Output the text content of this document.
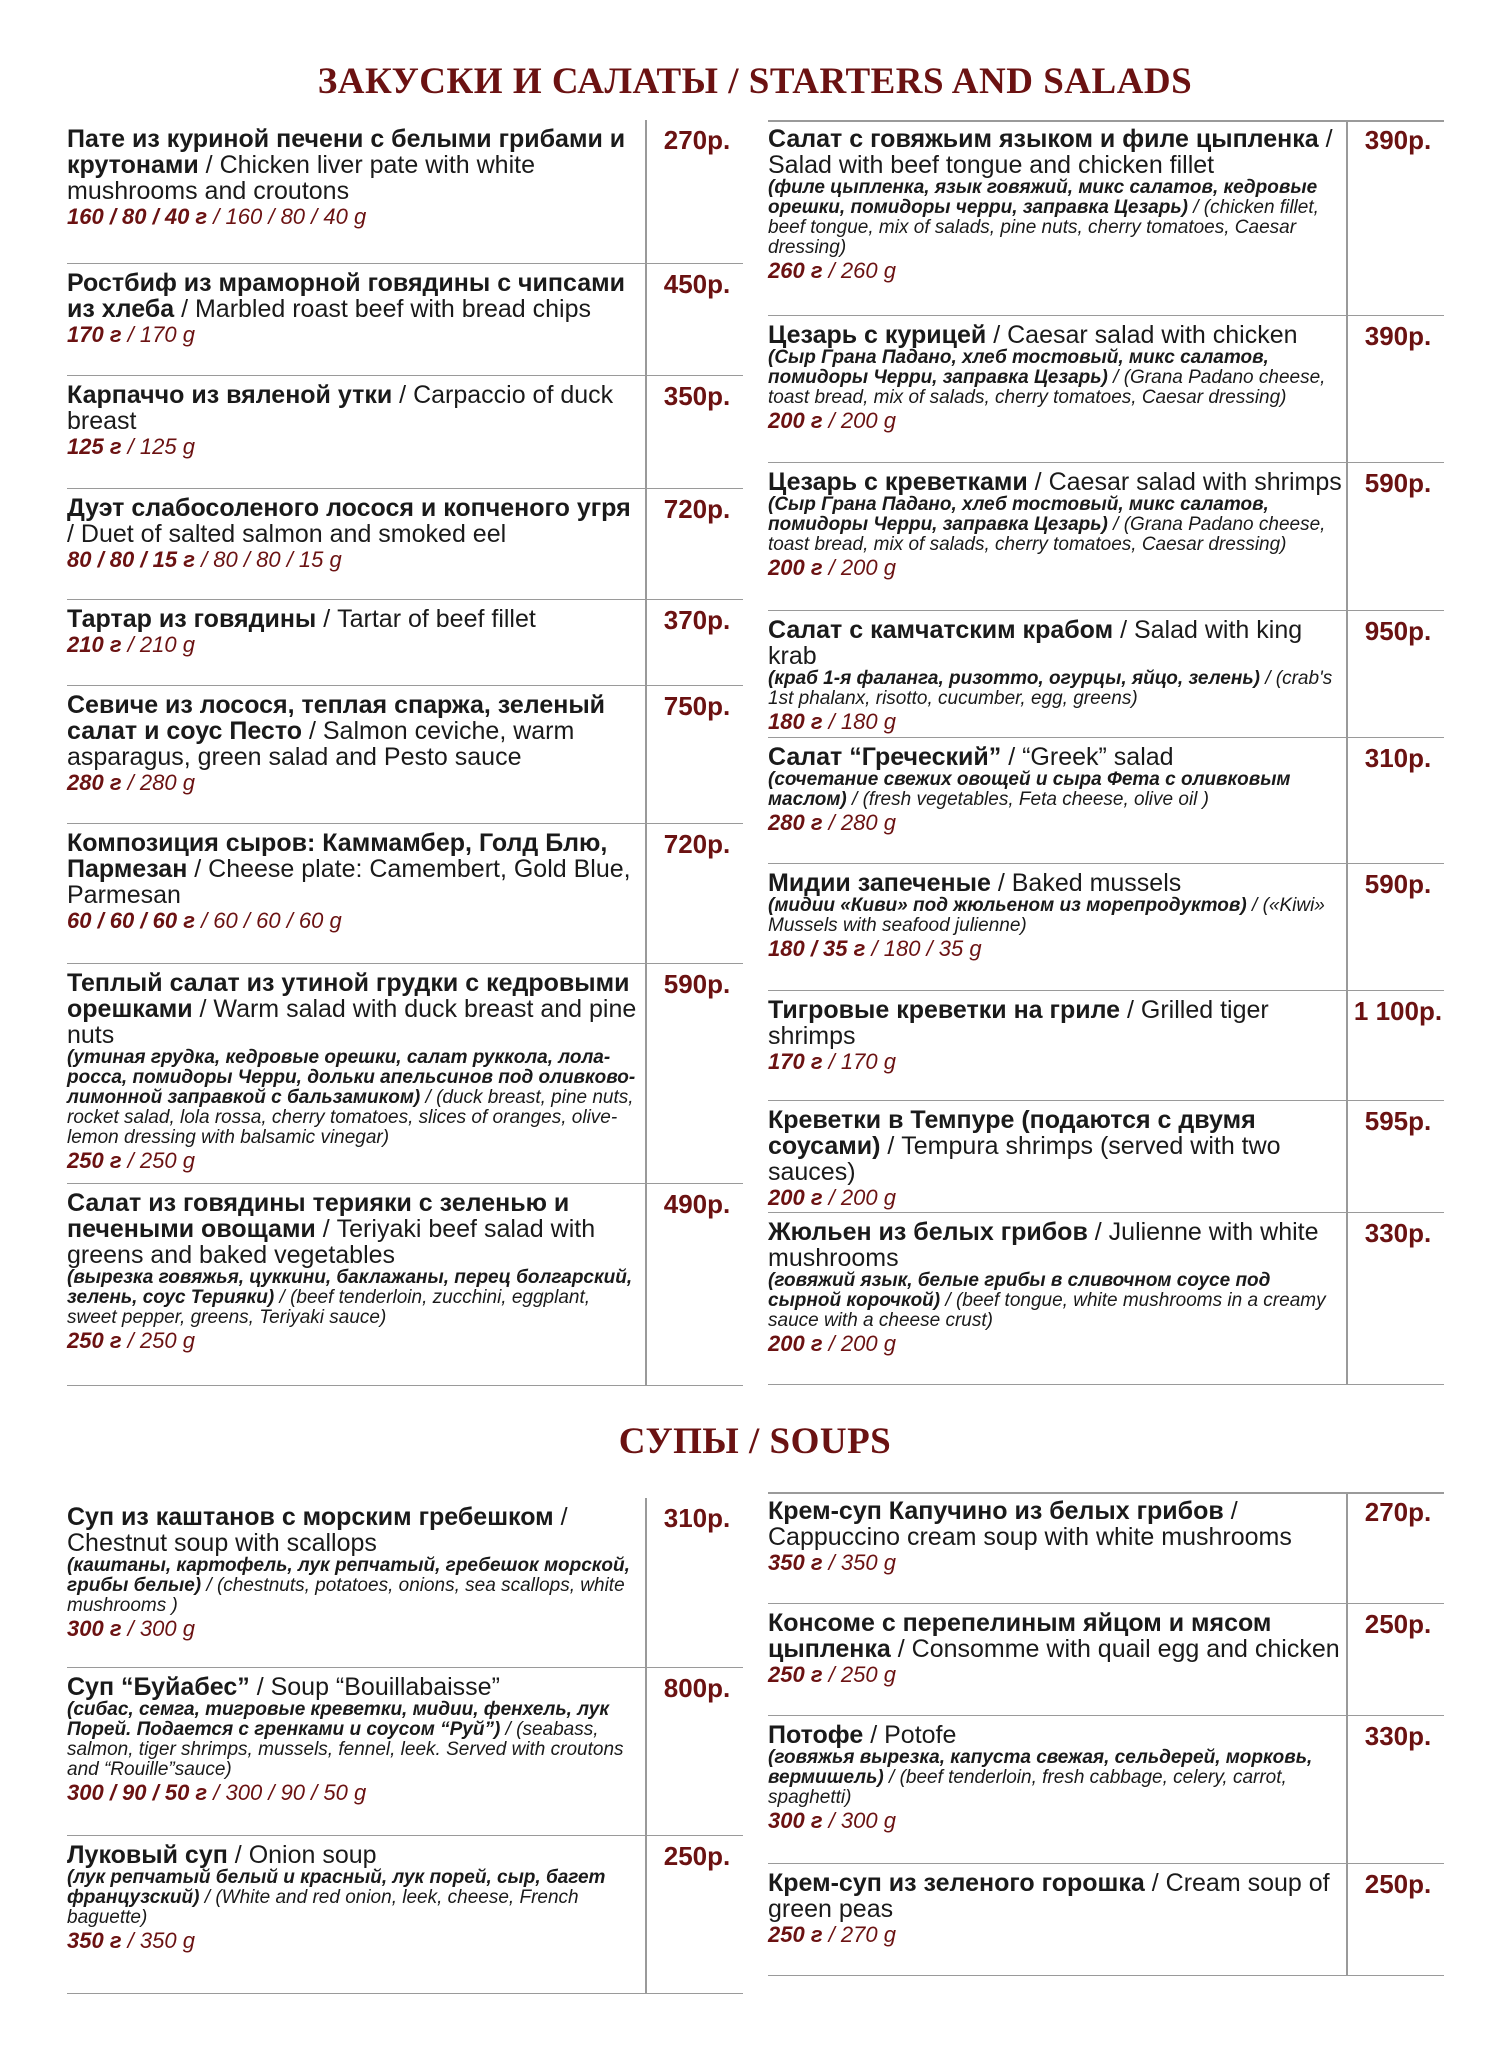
ЗАКУСКИ И САЛАТЫ / STARTERS AND SALADS
Пате из куриной печени с белыми грибами и крутонами / Chicken liver pate with white mushrooms and croutons
160 / 80 / 40 г / 160 / 80 / 40 g
270р.
Ростбиф из мраморной говядины с чипсами из хлеба / Marbled roast beef with bread chips
170 г / 170 g
450р.
Карпаччо из вяленой утки / Carpaccio of duck breast
125 г / 125 g
350р.
Дуэт слабосоленого лосося и копченого угря / Duet of salted salmon and smoked eel
80 / 80 / 15 г / 80 / 80 / 15 g
720р.
Тартар из говядины / Tartar of beef fillet
210 г / 210 g
370р.
Севиче из лосося, теплая спаржа, зеленый салат и соус Песто / Salmon ceviche, warm asparagus, green salad and Pesto sauce
280 г / 280 g
750р.
Композиция сыров: Каммамбер, Голд Блю, Пармезан / Cheese plate: Camembert, Gold Blue, Parmesan
60 / 60 / 60 г / 60 / 60 / 60 g
720р.
Теплый салат из утиной грудки с кедровыми орешками / Warm salad with duck breast and pine nuts
(утиная грудка, кедровые орешки, салат руккола, лола-росса, помидоры Черри, дольки апельсинов под оливково-лимонной заправкой с бальзамиком) / (duck breast, pine nuts, rocket salad, lola rossa, cherry tomatoes, slices of oranges, olive-lemon dressing with balsamic vinegar)
250 г / 250 g
590р.
Салат из говядины терияки с зеленью и печеными овощами / Teriyaki beef salad with greens and baked vegetables
(вырезка говяжья, цуккини, баклажаны, перец болгарский, зелень, соус Терияки) / (beef tenderloin, zucchini, eggplant, sweet pepper, greens, Teriyaki sauce)
250 г / 250 g
490р.
Салат с говяжьим языком и филе цыпленка / Salad with beef tongue and chicken fillet
(филе цыпленка, язык говяжий, микс салатов, кедровые орешки, помидоры черри, заправка Цезарь) / (chicken fillet, beef tongue, mix of salads, pine nuts, cherry tomatoes, Caesar dressing)
260 г / 260 g
390р.
Цезарь с курицей / Caesar salad with chicken
(Сыр Грана Падано, хлеб тостовый, микс салатов, помидоры Черри, заправка Цезарь) / (Grana Padano cheese, toast bread, mix of salads, cherry tomatoes, Caesar dressing)
200 г / 200 g
390р.
Цезарь с креветками / Caesar salad with shrimps
(Сыр Грана Падано, хлеб тостовый, микс салатов, помидоры Черри, заправка Цезарь) / (Grana Padano cheese, toast bread, mix of salads, cherry tomatoes, Caesar dressing)
200 г / 200 g
590р.
Салат с камчатским крабом / Salad with king krab
(краб 1-я фаланга, ризотто, огурцы, яйцо, зелень) / (crab's 1st phalanx, risotto, cucumber, egg, greens)
180 г / 180 g
950р.
Салат “Греческий” / “Greek” salad
(сочетание свежих овощей и сыра Фета с оливковым маслом) / (fresh vegetables, Feta cheese, olive oil )
280 г / 280 g
310р.
Мидии запеченые / Baked mussels
(мидии «Киви» под жюльеном из морепродуктов) / («Kiwi» Mussels with seafood julienne)
180 / 35 г / 180 / 35 g
590р.
Тигровые креветки на гриле / Grilled tiger shrimps
170 г / 170 g
1 100р.
Креветки в Темпуре (подаются с двумя соусами) / Tempura shrimps (served with two sauces)
200 г / 200 g
595р.
Жюльен из белых грибов / Julienne with white mushrooms
(говяжий язык, белые грибы в сливочном соусе под сырной корочкой) / (beef tongue, white mushrooms in a creamy sauce with a cheese crust)
200 г / 200 g
330р.
СУПЫ / SOUPS
Суп из каштанов с морским гребешком / Chestnut soup with scallops
(каштаны, картофель, лук репчатый, гребешок морской, грибы белые) / (chestnuts, potatoes, onions, sea scallops, white mushrooms )
300 г / 300 g
310р.
Суп “Буйабес” / Soup “Bouillabaisse”
(сибас, семга, тигровые креветки, мидии, фенхель, лук Порей. Подается с гренками и соусом “Руй”) / (seabass, salmon, tiger shrimps, mussels, fennel, leek. Served with croutons and “Rouille”sauce)
300 / 90 / 50 г / 300 / 90 / 50 g
800р.
Луковый суп / Onion soup
(лук репчатый белый и красный, лук порей, сыр, багет французский) / (White and red onion, leek, cheese, French baguette)
350 г / 350 g
250р.
Крем-суп Капучино из белых грибов / Cappuccino cream soup with white mushrooms
350 г / 350 g
270р.
Консоме с перепелиным яйцом и мясом цыпленка / Consomme with quail egg and chicken
250 г / 250 g
250р.
Потофе / Potofe
(говяжья вырезка, капуста свежая, сельдерей, морковь, вермишель) / (beef tenderloin, fresh cabbage, celery, carrot, spaghetti)
300 г / 300 g
330р.
Крем-суп из зеленого горошка / Cream soup of green peas
250 г / 270 g
250р.
